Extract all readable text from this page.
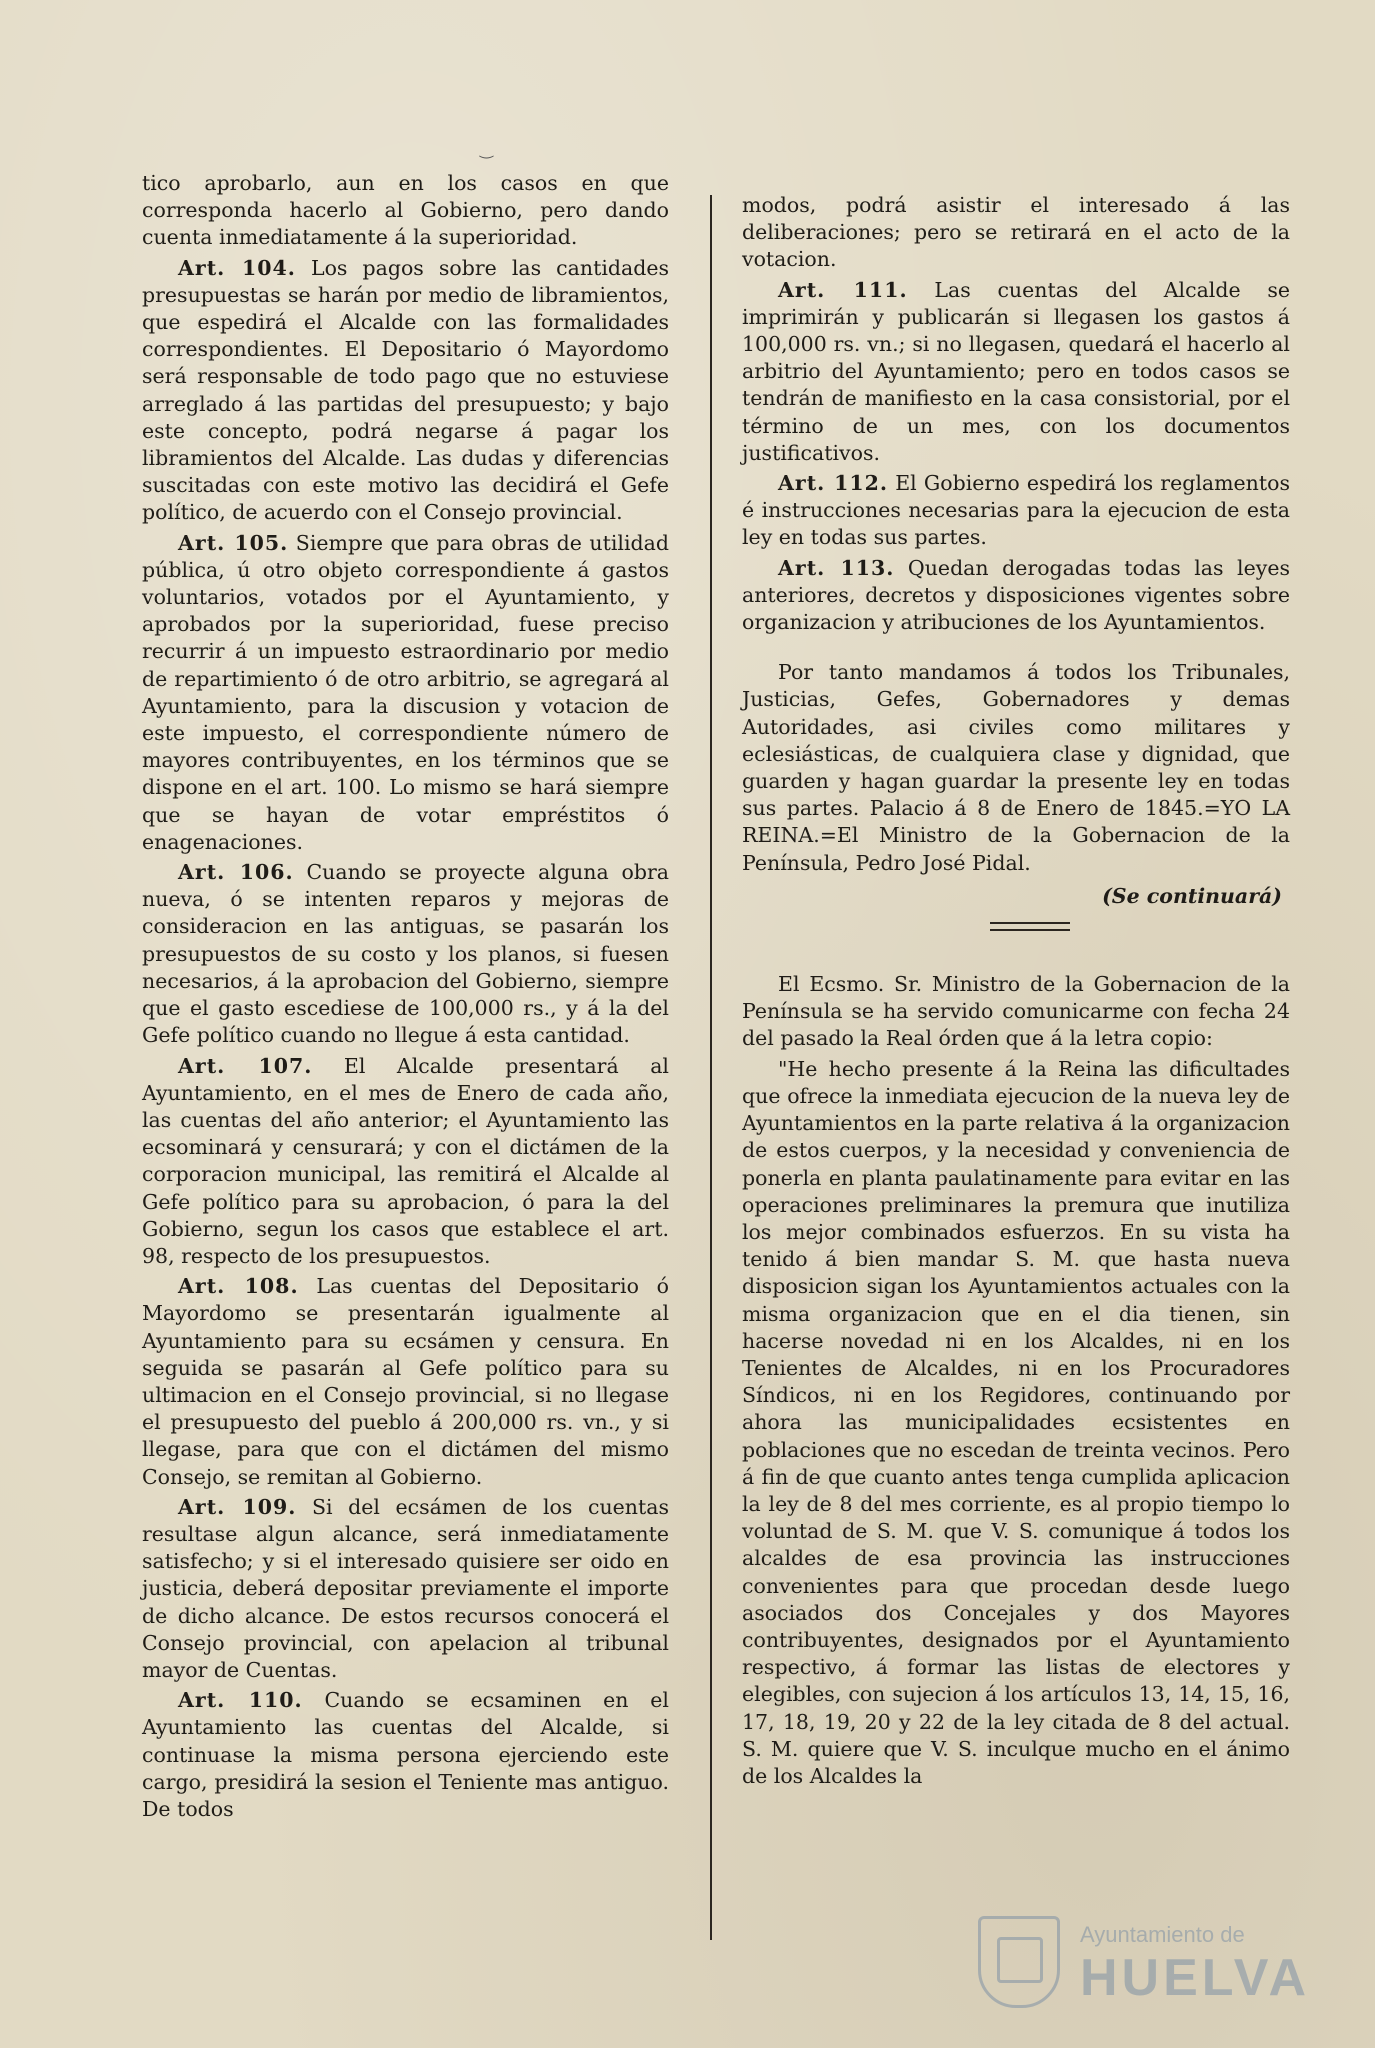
‿

tico aprobarlo, aun en los casos en que corresponda hacerlo al Gobierno, pero dando cuenta inmediatamente á la superioridad.

Art. 104. Los pagos sobre las cantidades presupuestas se harán por medio de libramientos, que espedirá el Alcalde con las formalidades correspondientes. El Depositario ó Mayordomo será responsable de todo pago que no estuviese arreglado á las partidas del presupuesto; y bajo este concepto, podrá negarse á pagar los libramientos del Alcalde. Las dudas y diferencias suscitadas con este motivo las decidirá el Gefe político, de acuerdo con el Consejo provincial.

Art. 105. Siempre que para obras de utilidad pública, ú otro objeto correspondiente á gastos voluntarios, votados por el Ayuntamiento, y aprobados por la superioridad, fuese preciso recurrir á un impuesto estraordinario por medio de repartimiento ó de otro arbitrio, se agregará al Ayuntamiento, para la discusion y votacion de este impuesto, el correspondiente número de mayores contribuyentes, en los términos que se dispone en el art. 100. Lo mismo se hará siempre que se hayan de votar empréstitos ó enagenaciones.

Art. 106. Cuando se proyecte alguna obra nueva, ó se intenten reparos y mejoras de consideracion en las antiguas, se pasarán los presupuestos de su costo y los planos, si fuesen necesarios, á la aprobacion del Gobierno, siempre que el gasto escediese de 100,000 rs., y á la del Gefe político cuando no llegue á esta cantidad.

Art. 107. El Alcalde presentará al Ayuntamiento, en el mes de Enero de cada año, las cuentas del año anterior; el Ayuntamiento las ecsominará y censurará; y con el dictámen de la corporacion municipal, las remitirá el Alcalde al Gefe político para su aprobacion, ó para la del Gobierno, segun los casos que establece el art. 98, respecto de los presupuestos.

Art. 108. Las cuentas del Depositario ó Mayordomo se presentarán igualmente al Ayuntamiento para su ecsámen y censura. En seguida se pasarán al Gefe político para su ultimacion en el Consejo provincial, si no llegase el presupuesto del pueblo á 200,000 rs. vn., y si llegase, para que con el dictámen del mismo Consejo, se remitan al Gobierno.

Art. 109. Si del ecsámen de los cuentas resultase algun alcance, será inmediatamente satisfecho; y si el interesado quisiere ser oido en justicia, deberá depositar previamente el importe de dicho alcance. De estos recursos conocerá el Consejo provincial, con apelacion al tribunal mayor de Cuentas.

Art. 110. Cuando se ecsaminen en el Ayuntamiento las cuentas del Alcalde, si continuase la misma persona ejerciendo este cargo, presidirá la sesion el Teniente mas antiguo. De todos

modos, podrá asistir el interesado á las deliberaciones; pero se retirará en el acto de la votacion.

Art. 111. Las cuentas del Alcalde se imprimirán y publicarán si llegasen los gastos á 100,000 rs. vn.; si no llegasen, quedará el hacerlo al arbitrio del Ayuntamiento; pero en todos casos se tendrán de manifiesto en la casa consistorial, por el término de un mes, con los documentos justificativos.

Art. 112. El Gobierno espedirá los reglamentos é instrucciones necesarias para la ejecucion de esta ley en todas sus partes.

Art. 113. Quedan derogadas todas las leyes anteriores, decretos y disposiciones vigentes sobre organizacion y atribuciones de los Ayuntamientos.

Por tanto mandamos á todos los Tribunales, Justicias, Gefes, Gobernadores y demas Autoridades, asi civiles como militares y eclesiásticas, de cualquiera clase y dignidad, que guarden y hagan guardar la presente ley en todas sus partes. Palacio á 8 de Enero de 1845.=YO LA REINA.=El Ministro de la Gobernacion de la Península, Pedro José Pidal.

(Se continuará)

El Ecsmo. Sr. Ministro de la Gobernacion de la Península se ha servido comunicarme con fecha 24 del pasado la Real órden que á la letra copio:

"He hecho presente á la Reina las dificultades que ofrece la inmediata ejecucion de la nueva ley de Ayuntamientos en la parte relativa á la organizacion de estos cuerpos, y la necesidad y conveniencia de ponerla en planta paulatinamente para evitar en las operaciones preliminares la premura que inutiliza los mejor combinados esfuerzos. En su vista ha tenido á bien mandar S. M. que hasta nueva disposicion sigan los Ayuntamientos actuales con la misma organizacion que en el dia tienen, sin hacerse novedad ni en los Alcaldes, ni en los Tenientes de Alcaldes, ni en los Procuradores Síndicos, ni en los Regidores, continuando por ahora las municipalidades ecsistentes en poblaciones que no escedan de treinta vecinos. Pero á fin de que cuanto antes tenga cumplida aplicacion la ley de 8 del mes corriente, es al propio tiempo lo voluntad de S. M. que V. S. comunique á todos los alcaldes de esa provincia las instrucciones convenientes para que procedan desde luego asociados dos Concejales y dos Mayores contribuyentes, designados por el Ayuntamiento respectivo, á formar las listas de electores y elegibles, con sujecion á los artículos 13, 14, 15, 16, 17, 18, 19, 20 y 22 de la ley citada de 8 del actual. S. M. quiere que V. S. inculque mucho en el ánimo de los Alcaldes la

Ayuntamiento de
HUELVA
